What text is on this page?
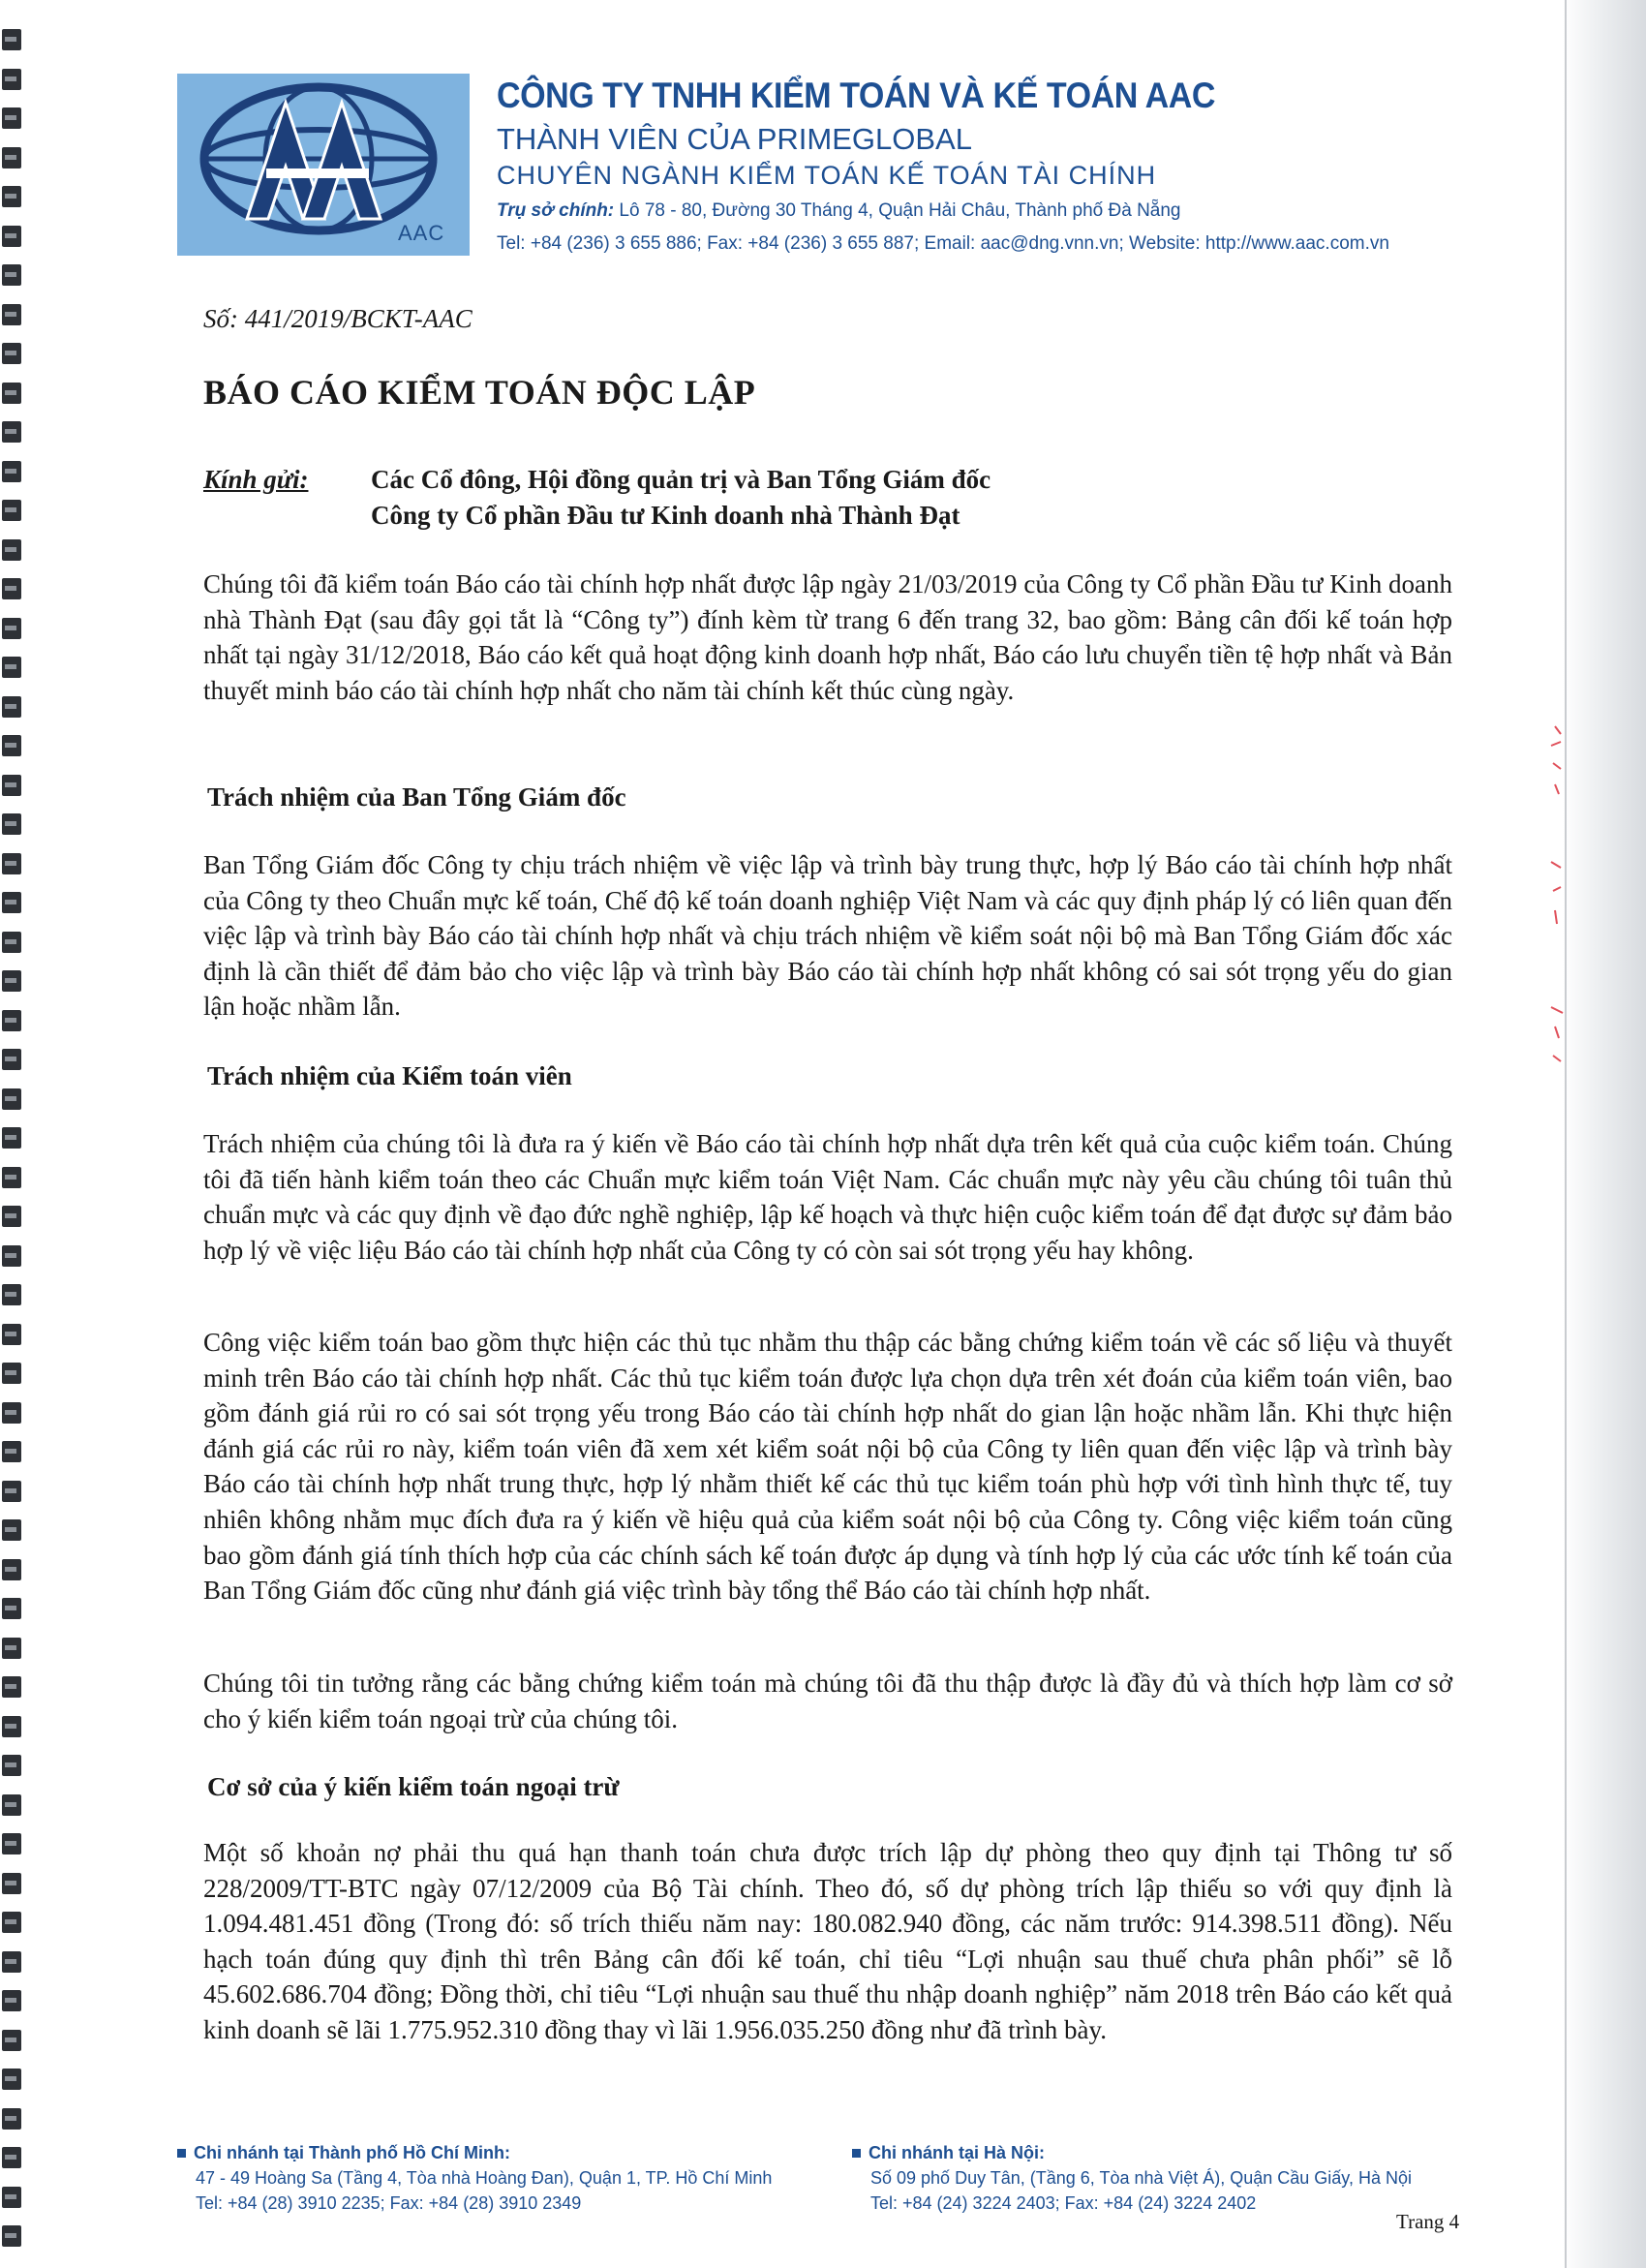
AAC
CÔNG TY TNHH KIỂM TOÁN VÀ KẾ TOÁN AAC
THÀNH VIÊN CỦA PRIMEGLOBAL
CHUYÊN NGÀNH KIỂM TOÁN KẾ TOÁN TÀI CHÍNH
Trụ sở chính: Lô 78 - 80, Đường 30 Tháng 4, Quận Hải Châu, Thành phố Đà Nẵng
Tel: +84 (236) 3 655 886; Fax: +84 (236) 3 655 887; Email: aac@dng.vnn.vn; Website: http://www.aac.com.vn
Số: 441/2019/BCKT-AAC
BÁO CÁO KIỂM TOÁN ĐỘC LẬP
Kính gửi: Các Cổ đông, Hội đồng quản trị và Ban Tổng Giám đốc
Công ty Cổ phần Đầu tư Kinh doanh nhà Thành Đạt
Chúng tôi đã kiểm toán Báo cáo tài chính hợp nhất được lập ngày 21/03/2019 của Công ty Cổ phần Đầu tư Kinh doanh nhà Thành Đạt (sau đây gọi tắt là “Công ty”) đính kèm từ trang 6 đến trang 32, bao gồm: Bảng cân đối kế toán hợp nhất tại ngày 31/12/2018, Báo cáo kết quả hoạt động kinh doanh hợp nhất, Báo cáo lưu chuyển tiền tệ hợp nhất và Bản thuyết minh báo cáo tài chính hợp nhất cho năm tài chính kết thúc cùng ngày.
Trách nhiệm của Ban Tổng Giám đốc
Ban Tổng Giám đốc Công ty chịu trách nhiệm về việc lập và trình bày trung thực, hợp lý Báo cáo tài chính hợp nhất của Công ty theo Chuẩn mực kế toán, Chế độ kế toán doanh nghiệp Việt Nam và các quy định pháp lý có liên quan đến việc lập và trình bày Báo cáo tài chính hợp nhất và chịu trách nhiệm về kiểm soát nội bộ mà Ban Tổng Giám đốc xác định là cần thiết để đảm bảo cho việc lập và trình bày Báo cáo tài chính hợp nhất không có sai sót trọng yếu do gian lận hoặc nhầm lẫn.
Trách nhiệm của Kiểm toán viên
Trách nhiệm của chúng tôi là đưa ra ý kiến về Báo cáo tài chính hợp nhất dựa trên kết quả của cuộc kiểm toán. Chúng tôi đã tiến hành kiểm toán theo các Chuẩn mực kiểm toán Việt Nam. Các chuẩn mực này yêu cầu chúng tôi tuân thủ chuẩn mực và các quy định về đạo đức nghề nghiệp, lập kế hoạch và thực hiện cuộc kiểm toán để đạt được sự đảm bảo hợp lý về việc liệu Báo cáo tài chính hợp nhất của Công ty có còn sai sót trọng yếu hay không.
Công việc kiểm toán bao gồm thực hiện các thủ tục nhằm thu thập các bằng chứng kiểm toán về các số liệu và thuyết minh trên Báo cáo tài chính hợp nhất. Các thủ tục kiểm toán được lựa chọn dựa trên xét đoán của kiểm toán viên, bao gồm đánh giá rủi ro có sai sót trọng yếu trong Báo cáo tài chính hợp nhất do gian lận hoặc nhầm lẫn. Khi thực hiện đánh giá các rủi ro này, kiểm toán viên đã xem xét kiểm soát nội bộ của Công ty liên quan đến việc lập và trình bày Báo cáo tài chính hợp nhất trung thực, hợp lý nhằm thiết kế các thủ tục kiểm toán phù hợp với tình hình thực tế, tuy nhiên không nhằm mục đích đưa ra ý kiến về hiệu quả của kiểm soát nội bộ của Công ty. Công việc kiểm toán cũng bao gồm đánh giá tính thích hợp của các chính sách kế toán được áp dụng và tính hợp lý của các ước tính kế toán của Ban Tổng Giám đốc cũng như đánh giá việc trình bày tổng thể Báo cáo tài chính hợp nhất.
Chúng tôi tin tưởng rằng các bằng chứng kiểm toán mà chúng tôi đã thu thập được là đầy đủ và thích hợp làm cơ sở cho ý kiến kiểm toán ngoại trừ của chúng tôi.
Cơ sở của ý kiến kiểm toán ngoại trừ
Một số khoản nợ phải thu quá hạn thanh toán chưa được trích lập dự phòng theo quy định tại Thông tư số 228/2009/TT-BTC ngày 07/12/2009 của Bộ Tài chính. Theo đó, số dự phòng trích lập thiếu so với quy định là 1.094.481.451 đồng (Trong đó: số trích thiếu năm nay: 180.082.940 đồng, các năm trước: 914.398.511 đồng). Nếu hạch toán đúng quy định thì trên Bảng cân đối kế toán, chỉ tiêu “Lợi nhuận sau thuế chưa phân phối” sẽ lỗ 45.602.686.704 đồng; Đồng thời, chỉ tiêu “Lợi nhuận sau thuế thu nhập doanh nghiệp” năm 2018 trên Báo cáo kết quả kinh doanh sẽ lãi 1.775.952.310 đồng thay vì lãi 1.956.035.250 đồng như đã trình bày.
Chi nhánh tại Thành phố Hồ Chí Minh:
47 - 49 Hoàng Sa (Tầng 4, Tòa nhà Hoàng Đan), Quận 1, TP. Hồ Chí Minh
Tel: +84 (28) 3910 2235; Fax: +84 (28) 3910 2349
Chi nhánh tại Hà Nội:
Số 09 phố Duy Tân, (Tầng 6, Tòa nhà Việt Á), Quận Cầu Giấy, Hà Nội
Tel: +84 (24) 3224 2403; Fax: +84 (24) 3224 2402
Trang 4
